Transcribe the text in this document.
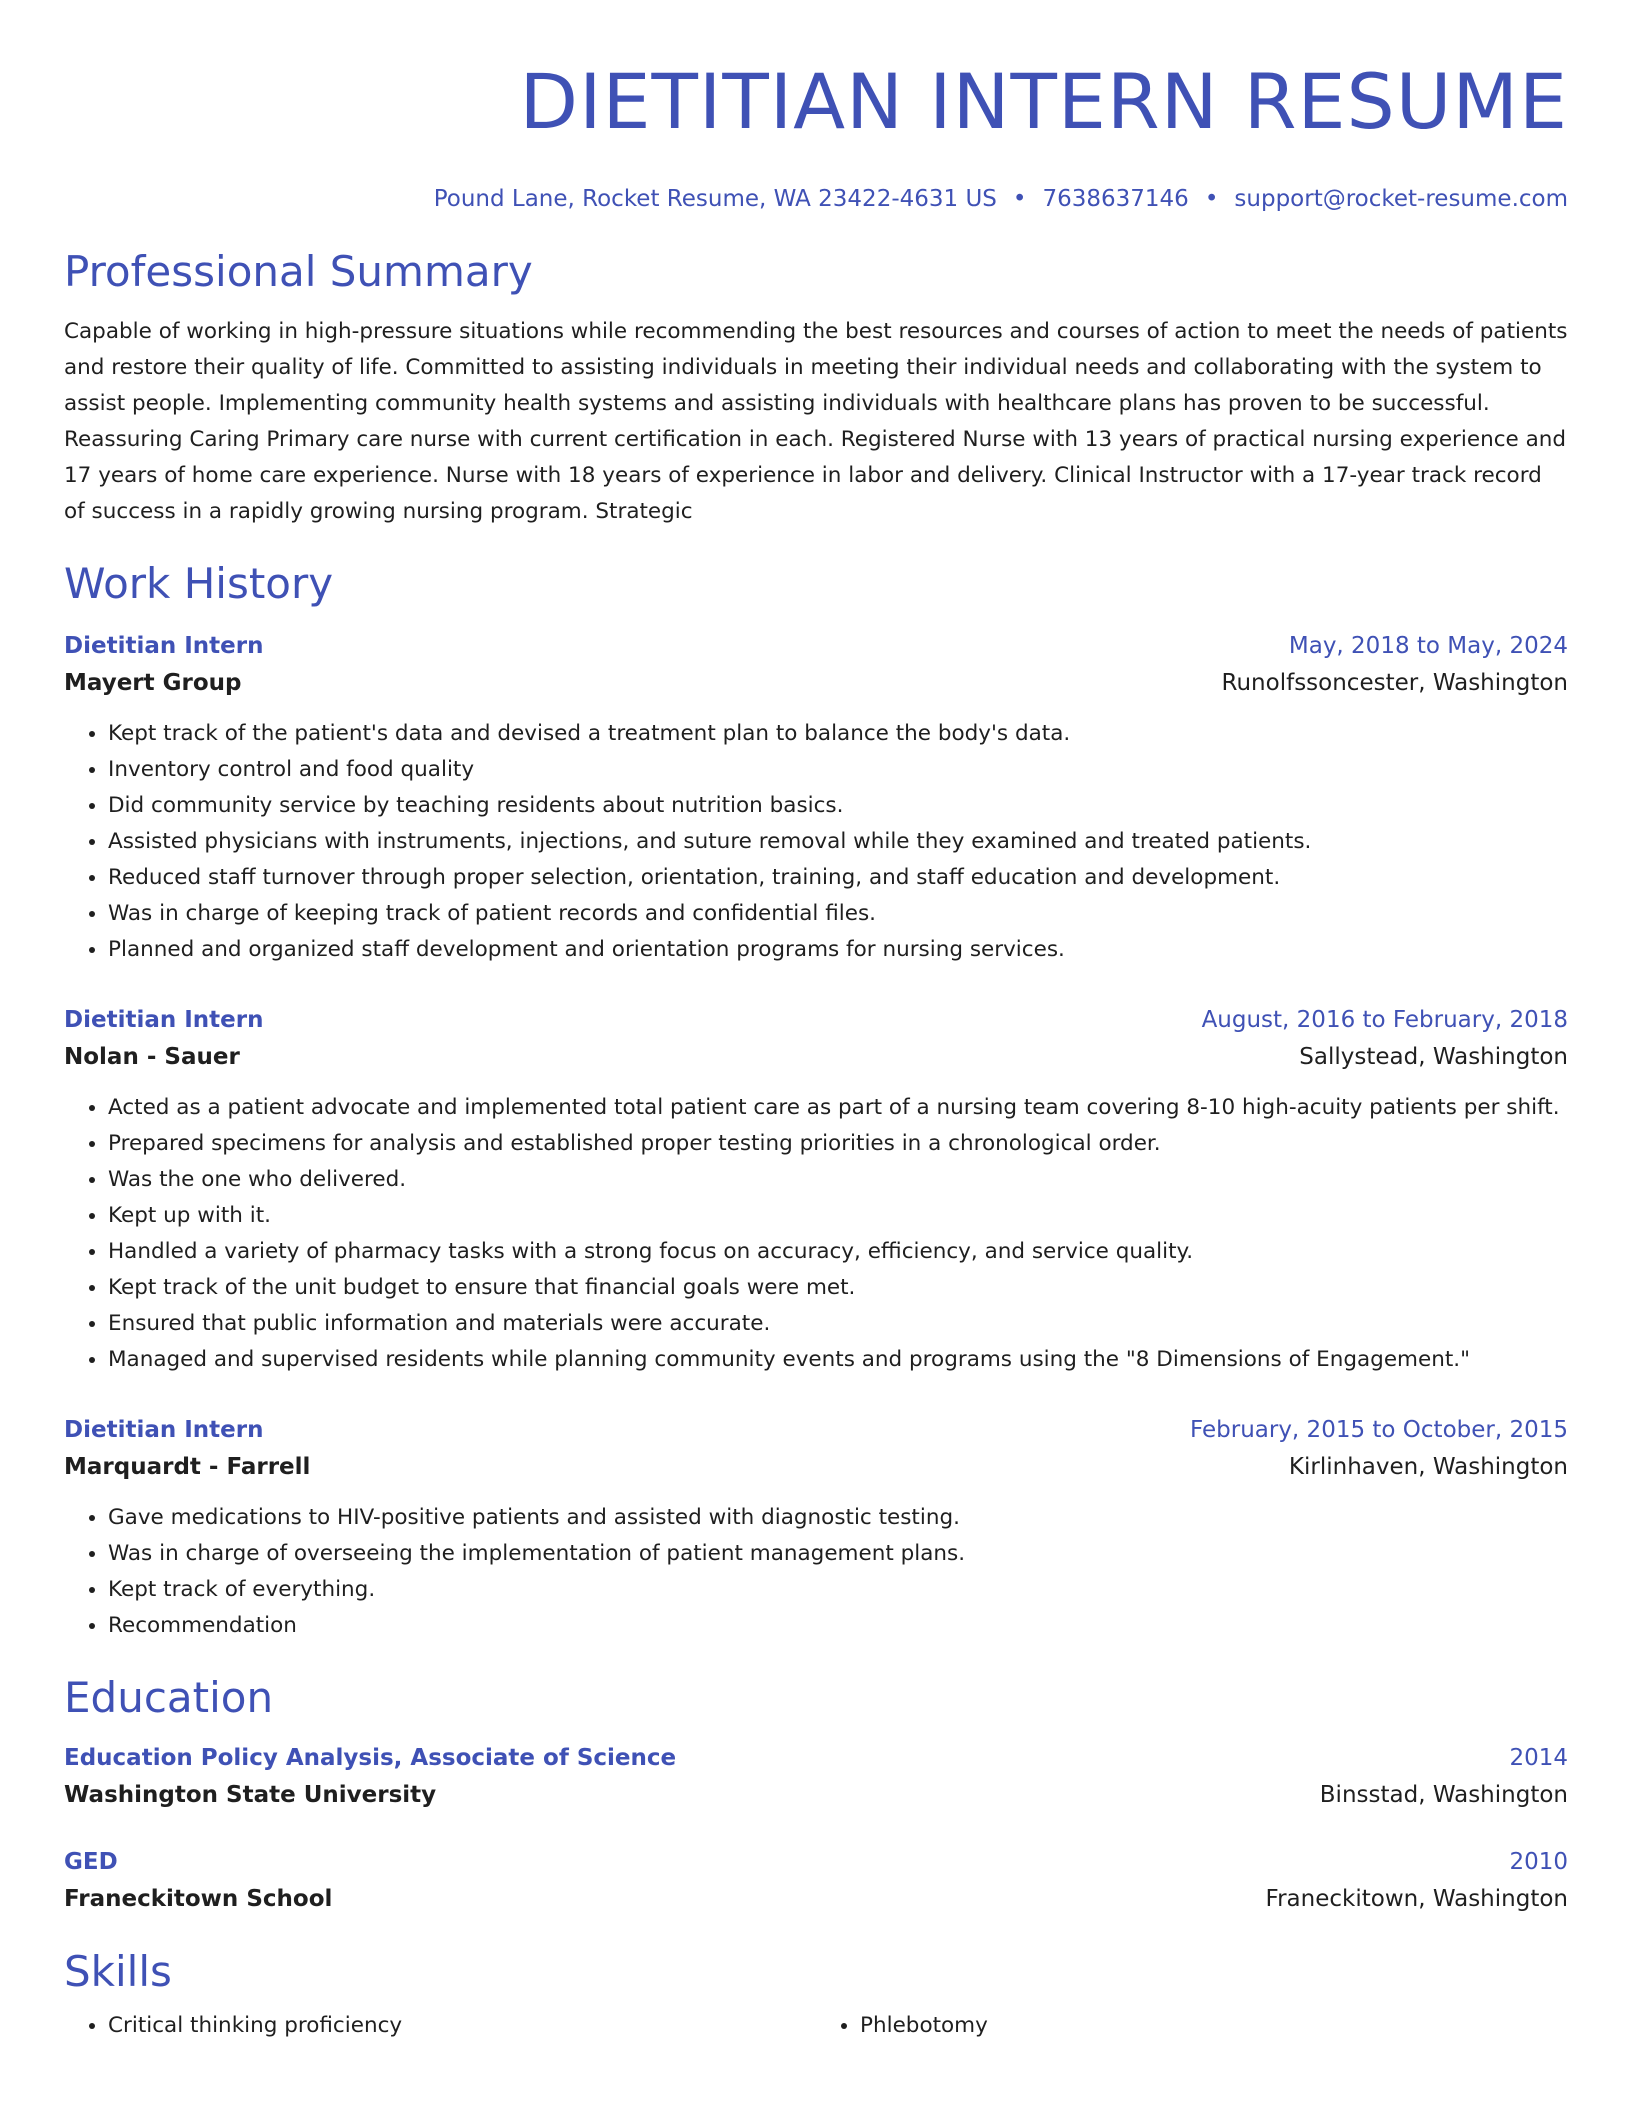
DIETITIAN INTERN RESUME
Pound Lane, Rocket Resume, WA 23422-4631 US • 7638637146 • support@rocket-resume.com
Professional Summary
Capable of working in high-pressure situations while recommending the best resources and courses of action to meet the needs of patients and restore their quality of life. Committed to assisting individuals in meeting their individual needs and collaborating with the system to assist people. Implementing community health systems and assisting individuals with healthcare plans has proven to be successful. Reassuring Caring Primary care nurse with current certification in each. Registered Nurse with 13 years of practical nursing experience and 17 years of home care experience. Nurse with 18 years of experience in labor and delivery. Clinical Instructor with a 17-year track record of success in a rapidly growing nursing program. Strategic
Work History
Dietitian Intern	May, 2018 to May, 2024
Mayert Group	Runolfssoncester, Washington
• Kept track of the patient's data and devised a treatment plan to balance the body's data.
• Inventory control and food quality
• Did community service by teaching residents about nutrition basics.
• Assisted physicians with instruments, injections, and suture removal while they examined and treated patients.
• Reduced staff turnover through proper selection, orientation, training, and staff education and development.
• Was in charge of keeping track of patient records and confidential files.
• Planned and organized staff development and orientation programs for nursing services.
Dietitian Intern	August, 2016 to February, 2018
Nolan - Sauer	Sallystead, Washington
• Acted as a patient advocate and implemented total patient care as part of a nursing team covering 8-10 high-acuity patients per shift.
• Prepared specimens for analysis and established proper testing priorities in a chronological order.
• Was the one who delivered.
• Kept up with it.
• Handled a variety of pharmacy tasks with a strong focus on accuracy, efficiency, and service quality.
• Kept track of the unit budget to ensure that financial goals were met.
• Ensured that public information and materials were accurate.
• Managed and supervised residents while planning community events and programs using the "8 Dimensions of Engagement."
Dietitian Intern	February, 2015 to October, 2015
Marquardt - Farrell	Kirlinhaven, Washington
• Gave medications to HIV-positive patients and assisted with diagnostic testing.
• Was in charge of overseeing the implementation of patient management plans.
• Kept track of everything.
• Recommendation
Education
Education Policy Analysis, Associate of Science	2014
Washington State University	Binsstad, Washington
GED	2010
Franeckitown School	Franeckitown, Washington
Skills
• Critical thinking proficiency
•	Phlebotomy
